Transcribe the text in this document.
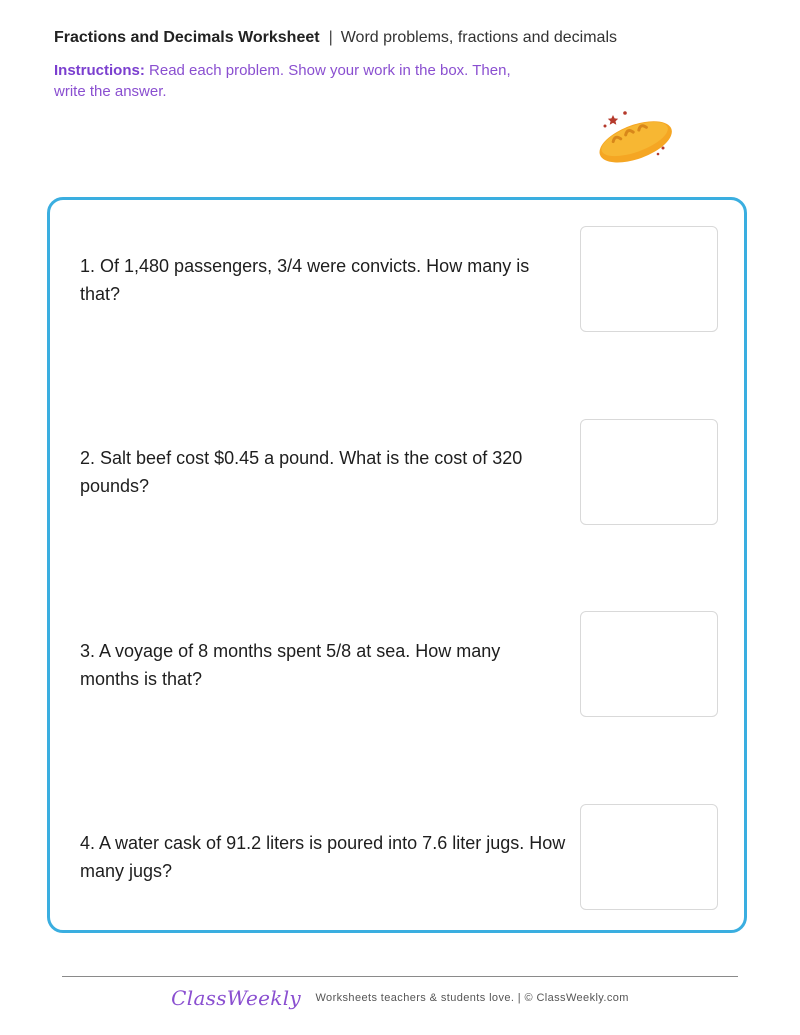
Fractions and Decimals Worksheet | Word problems, fractions and decimals
Instructions: Read each problem. Show your work in the box. Then, write the answer.
1. Of 1,480 passengers, 3/4 were convicts. How many is that?
2. Salt beef cost $0.45 a pound. What is the cost of 320 pounds?
3. A voyage of 8 months spent 5/8 at sea. How many months is that?
4. A water cask of 91.2 liters is poured into 7.6 liter jugs. How many jugs?
ClassWeekly Worksheets teachers & students love. | © ClassWeekly.com
